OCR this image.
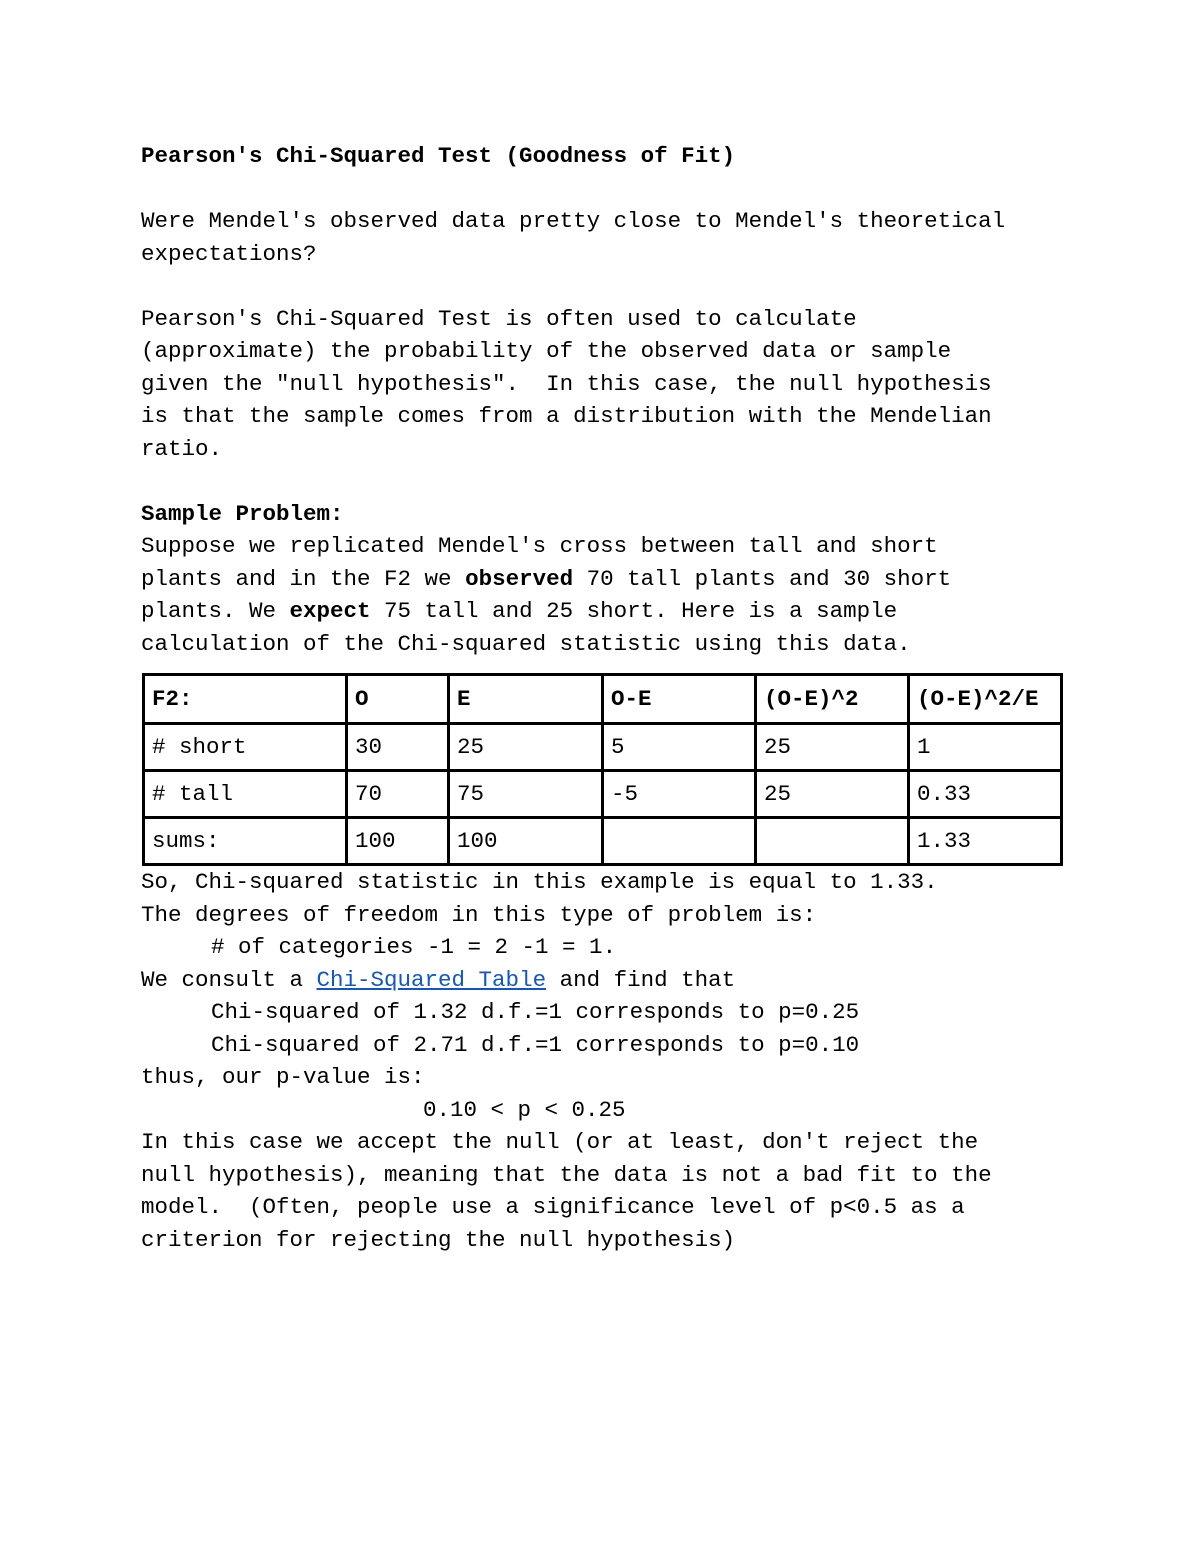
Pearson's Chi-Squared Test (Goodness of Fit)
Were Mendel's observed data pretty close to Mendel's theoretical
expectations?
Pearson's Chi-Squared Test is often used to calculate
(approximate) the probability of the observed data or sample
given the "null hypothesis".  In this case, the null hypothesis
is that the sample comes from a distribution with the Mendelian
ratio.
Sample Problem:
Suppose we replicated Mendel's cross between tall and short
plants and in the F2 we observed 70 tall plants and 30 short
plants. We expect 75 tall and 25 short. Here is a sample
calculation of the Chi-squared statistic using this data.
F2:	O	E	O-E	(O-E)^2	(O-E)^2/E
# short	30	25	5	25	1
# tall	70	75	-5	25	0.33
sums:	100	100			1.33
So, Chi-squared statistic in this example is equal to 1.33.
The degrees of freedom in this type of problem is:
# of categories -1 = 2 -1 = 1.
We consult a Chi-Squared Table and find that
Chi-squared of 1.32 d.f.=1 corresponds to p=0.25
Chi-squared of 2.71 d.f.=1 corresponds to p=0.10
thus, our p-value is:
0.10 < p < 0.25
In this case we accept the null (or at least, don't reject the
null hypothesis), meaning that the data is not a bad fit to the
model.  (Often, people use a significance level of p<0.5 as a
criterion for rejecting the null hypothesis)
